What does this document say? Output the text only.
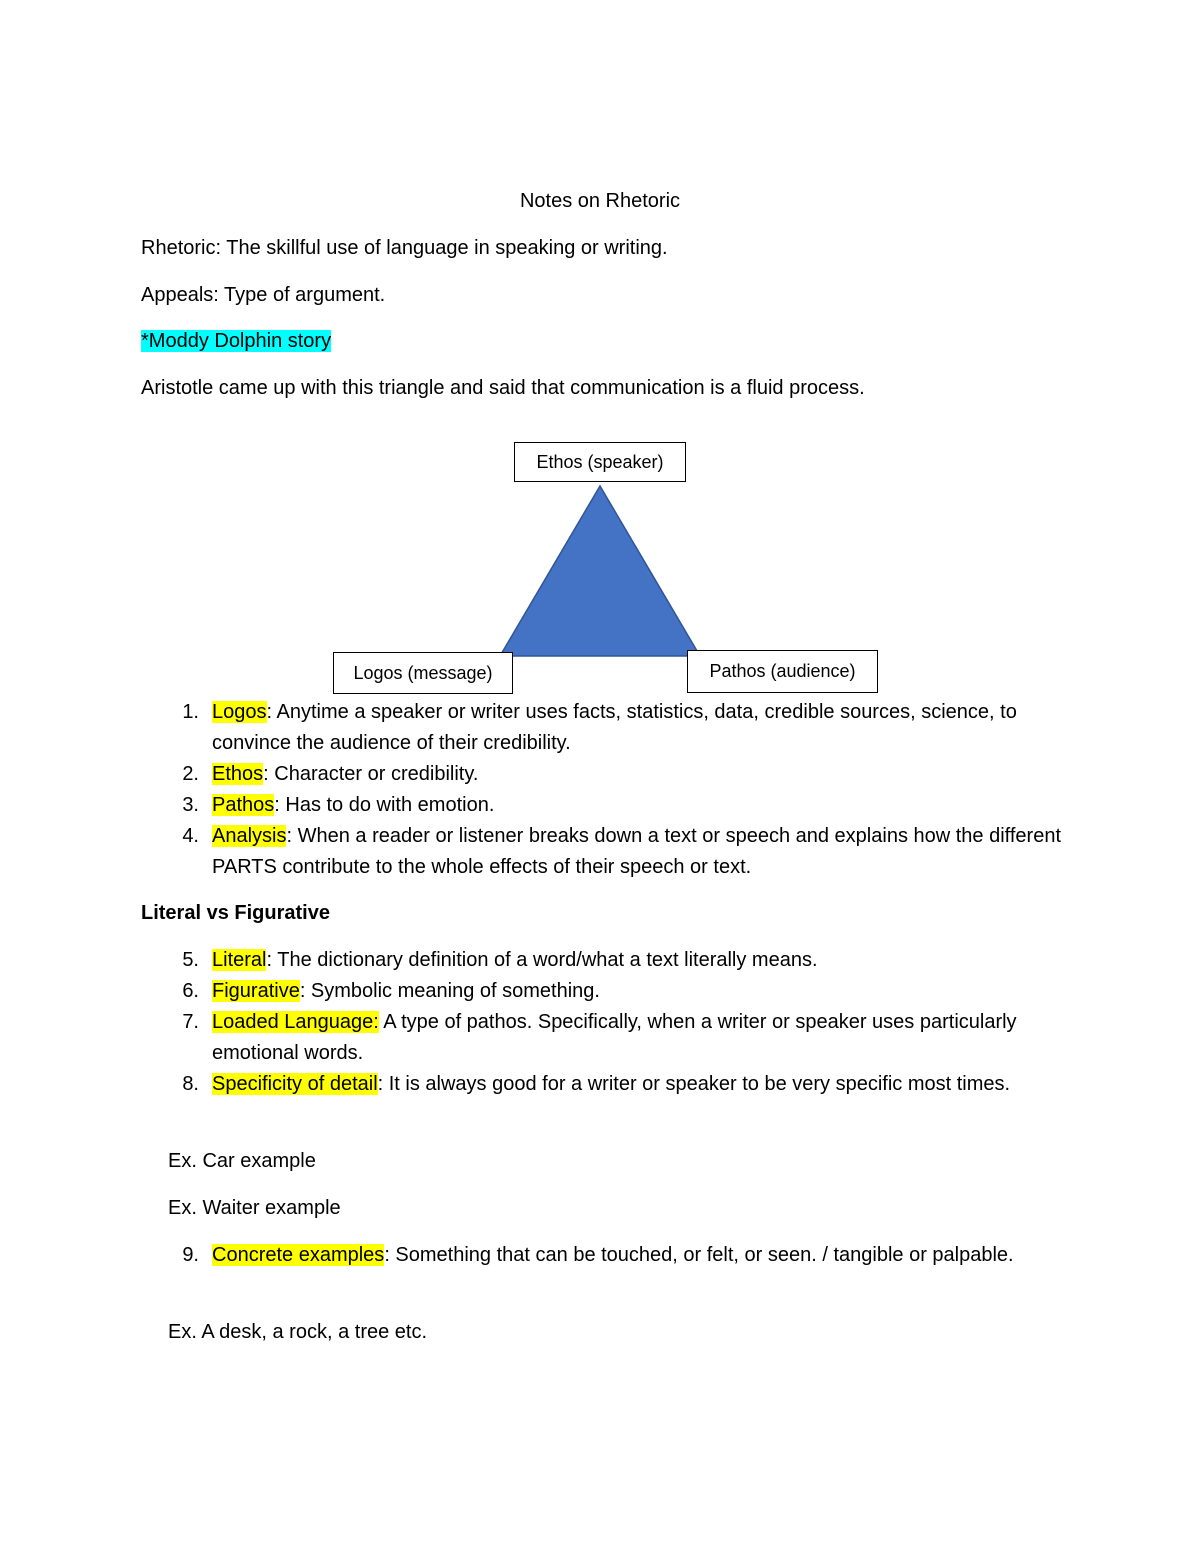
Notes on Rhetoric
Rhetoric: The skillful use of language in speaking or writing.
Appeals: Type of argument.
*Moddy Dolphin story
Aristotle came up with this triangle and said that communication is a fluid process.
Ethos (speaker)
Logos (message)	Pathos (audience)
1. Logos: Anytime a speaker or writer uses facts, statistics, data, credible sources, science, to convince the audience of their credibility.
2. Ethos: Character or credibility.
3. Pathos: Has to do with emotion.
4. Analysis: When a reader or listener breaks down a text or speech and explains how the different PARTS contribute to the whole effects of their speech or text.
Literal vs Figurative
5. Literal: The dictionary definition of a word/what a text literally means.
6. Figurative: Symbolic meaning of something.
7. Loaded Language: A type of pathos. Specifically, when a writer or speaker uses particularly emotional words.
8. Specificity of detail: It is always good for a writer or speaker to be very specific most times.
Ex. Car example
Ex. Waiter example
9. Concrete examples: Something that can be touched, or felt, or seen. / tangible or palpable.
Ex. A desk, a rock, a tree etc.
